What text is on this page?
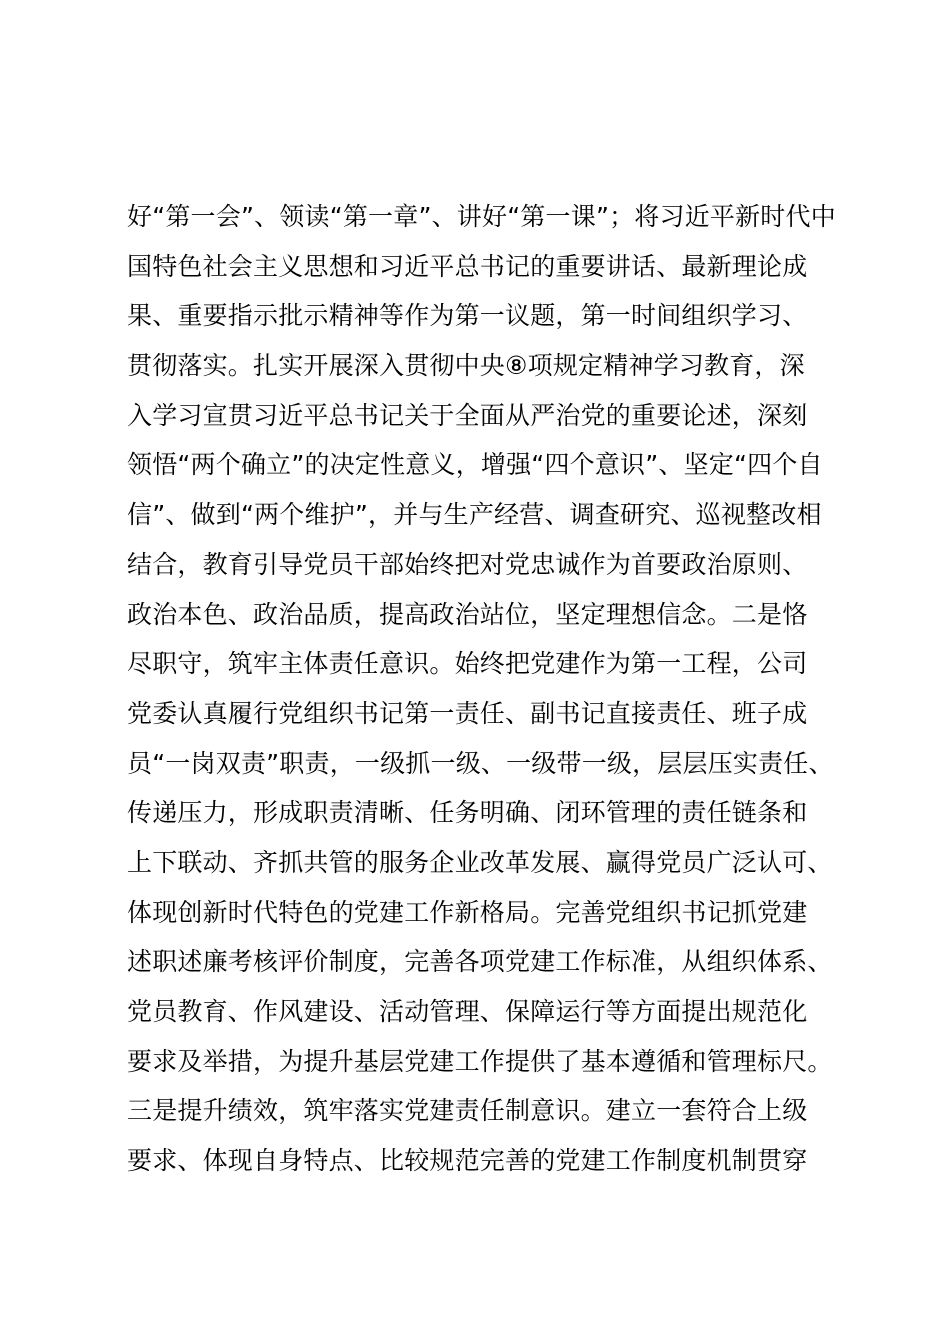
好“第一会”、领读“第一章”、讲好“第一课”；将习近平新时代中
国特色社会主义思想和习近平总书记的重要讲话、最新理论成
果、重要指示批示精神等作为第一议题，第一时间组织学习、
贯彻落实。扎实开展深入贯彻中央⑧项规定精神学习教育，深
入学习宣贯习近平总书记关于全面从严治党的重要论述，深刻
领悟“两个确立”的决定性意义，增强“四个意识”、坚定“四个自
信”、做到“两个维护”，并与生产经营、调查研究、巡视整改相
结合，教育引导党员干部始终把对党忠诚作为首要政治原则、
政治本色、政治品质，提高政治站位，坚定理想信念。二是恪
尽职守，筑牢主体责任意识。始终把党建作为第一工程，公司
党委认真履行党组织书记第一责任、副书记直接责任、班子成
员“一岗双责”职责，一级抓一级、一级带一级，层层压实责任、
传递压力，形成职责清晰、任务明确、闭环管理的责任链条和
上下联动、齐抓共管的服务企业改革发展、赢得党员广泛认可、
体现创新时代特色的党建工作新格局。完善党组织书记抓党建
述职述廉考核评价制度，完善各项党建工作标准，从组织体系、
党员教育、作风建设、活动管理、保障运行等方面提出规范化
要求及举措，为提升基层党建工作提供了基本遵循和管理标尺。
三是提升绩效，筑牢落实党建责任制意识。建立一套符合上级
要求、体现自身特点、比较规范完善的党建工作制度机制贯穿
